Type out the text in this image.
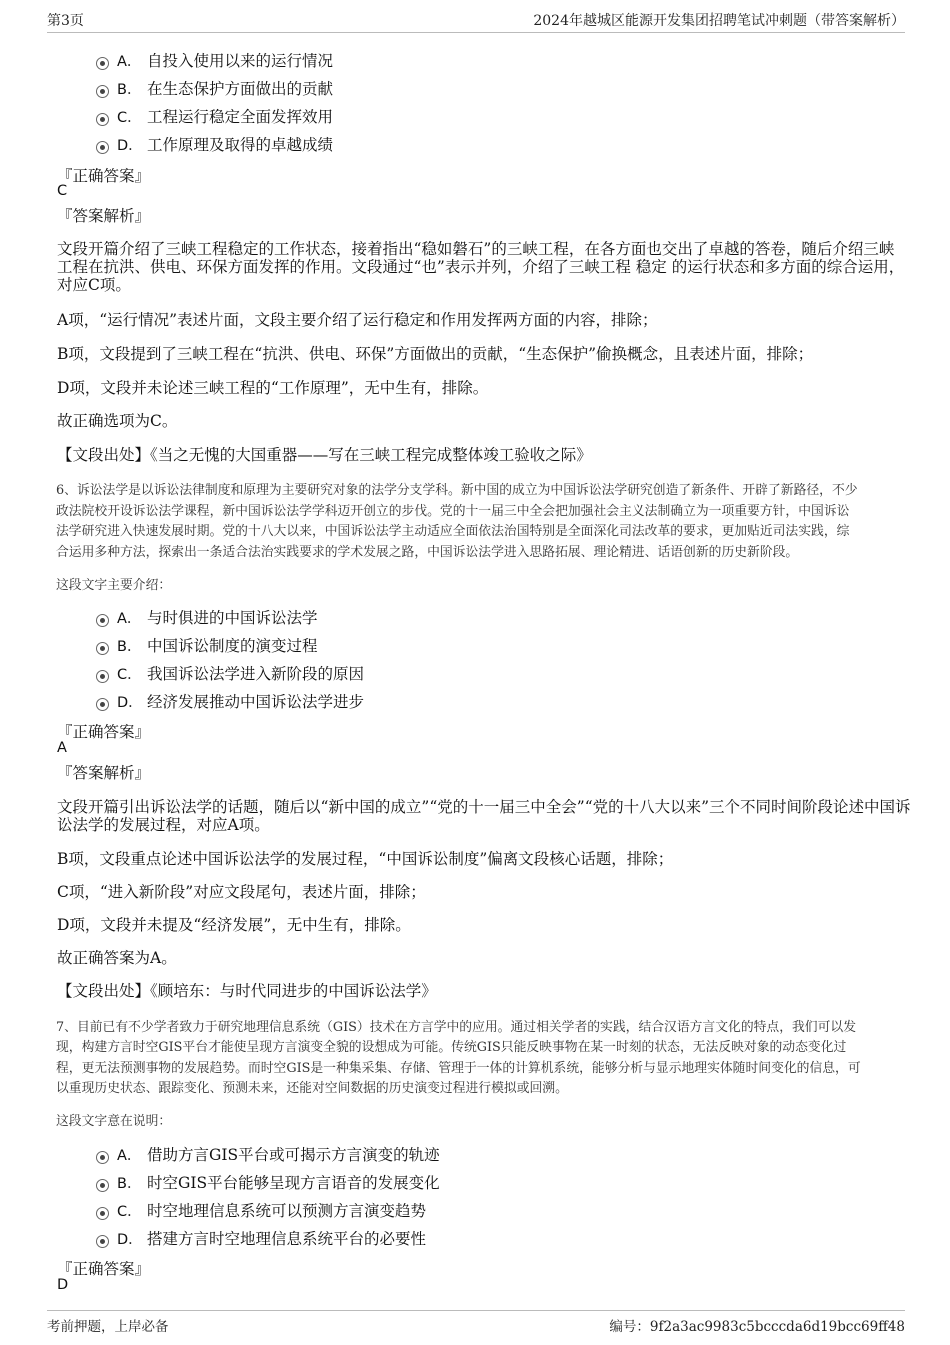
第3页	2024年越城区能源开发集团招聘笔试冲刺题（带答案解析）
A． 自投入使用以来的运行情况
B． 在生态保护方面做出的贡献
C． 工程运行稳定全面发挥效用
D． 工作原理及取得的卓越成绩
『正确答案』
C
『答案解析』
文段开篇介绍了三峡工程稳定的工作状态，接着指出“稳如磐石”的三峡工程，在各方面也交出了卓越的答卷，随后介绍三峡
工程在抗洪、供电、环保方面发挥的作用。文段通过“也”表示并列，介绍了三峡工程 稳定 的运行状态和多方面的综合运用，
对应C项。
A项，“运行情况”表述片面，文段主要介绍了运行稳定和作用发挥两方面的内容，排除；
B项，文段提到了三峡工程在“抗洪、供电、环保”方面做出的贡献，“生态保护”偷换概念，且表述片面，排除；
D项，文段并未论述三峡工程的“工作原理”，无中生有，排除。
故正确选项为C。
【文段出处】《当之无愧的大国重器——写在三峡工程完成整体竣工验收之际》
6、诉讼法学是以诉讼法律制度和原理为主要研究对象的法学分支学科。新中国的成立为中国诉讼法学研究创造了新条件、开辟了新路径，不少
政法院校开设诉讼法学课程，新中国诉讼法学学科迈开创立的步伐。党的十一届三中全会把加强社会主义法制确立为一项重要方针，中国诉讼
法学研究进入快速发展时期。党的十八大以来，中国诉讼法学主动适应全面依法治国特别是全面深化司法改革的要求，更加贴近司法实践，综
合运用多种方法，探索出一条适合法治实践要求的学术发展之路，中国诉讼法学进入思路拓展、理论精进、话语创新的历史新阶段。
这段文字主要介绍：
A． 与时俱进的中国诉讼法学
B． 中国诉讼制度的演变过程
C． 我国诉讼法学进入新阶段的原因
D． 经济发展推动中国诉讼法学进步
『正确答案』
A
『答案解析』
文段开篇引出诉讼法学的话题，随后以“新中国的成立”“党的十一届三中全会”“党的十八大以来”三个不同时间阶段论述中国诉
讼法学的发展过程，对应A项。
B项，文段重点论述中国诉讼法学的发展过程，“中国诉讼制度”偏离文段核心话题，排除；
C项，“进入新阶段”对应文段尾句，表述片面，排除；
D项，文段并未提及“经济发展”，无中生有，排除。
故正确答案为A。
【文段出处】《顾培东：与时代同进步的中国诉讼法学》
7、目前已有不少学者致力于研究地理信息系统（GIS）技术在方言学中的应用。通过相关学者的实践，结合汉语方言文化的特点，我们可以发
现，构建方言时空GIS平台才能使呈现方言演变全貌的设想成为可能。传统GIS只能反映事物在某一时刻的状态，无法反映对象的动态变化过
程，更无法预测事物的发展趋势。而时空GIS是一种集采集、存储、管理于一体的计算机系统，能够分析与显示地理实体随时间变化的信息，可
以重现历史状态、跟踪变化、预测未来，还能对空间数据的历史演变过程进行模拟或回溯。
这段文字意在说明：
A． 借助方言GIS平台或可揭示方言演变的轨迹
B． 时空GIS平台能够呈现方言语音的发展变化
C． 时空地理信息系统可以预测方言演变趋势
D． 搭建方言时空地理信息系统平台的必要性
『正确答案』
D
考前押题，上岸必备	编号：9f2a3ac9983c5bcccda6d19bcc69ff48
